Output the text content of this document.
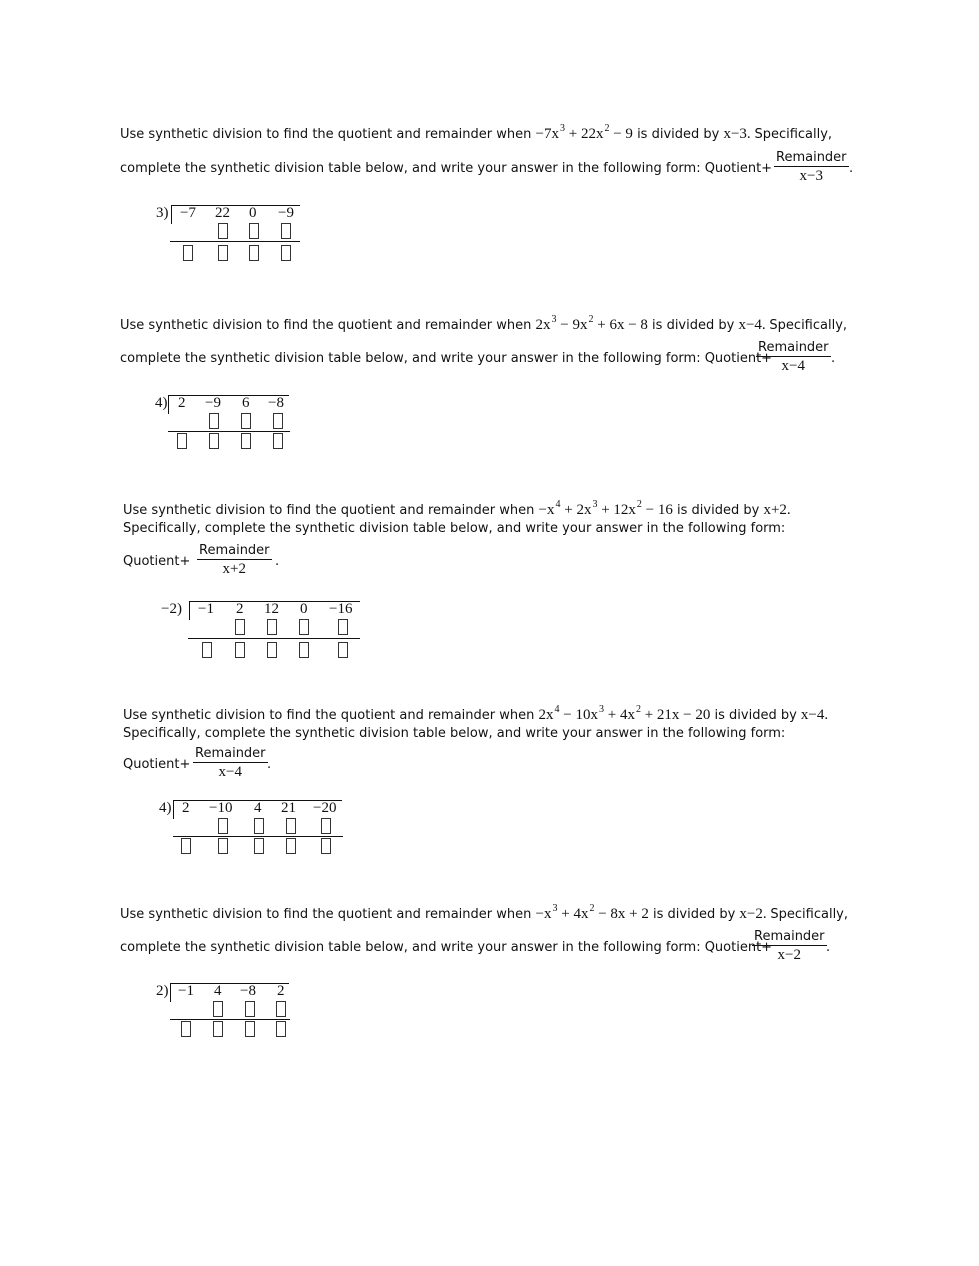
Use synthetic division to find the quotient and remainder when $-7x^3 + 22x^2 - 9$ is divided by x−3. Specifically,
complete the synthetic division table below, and write your answer in the following form: Quotient+
Remainder
x−3	.
3) −7 22 0 −9
Use synthetic division to find the quotient and remainder when $2x^3 - 9x^2 + 6x - 8$ is divided by x−4. Specifically,
complete the synthetic division table below, and write your answer in the following form: Quotient+
Remainder
x−4	.
4) 2 −9 6 −8
Use synthetic division to find the quotient and remainder when $-x^4 + 2x^3 + 12x^2 - 16$ is divided by x+2.
Specifically, complete the synthetic division table below, and write your answer in the following form:
Quotient+
Remainder
x+2	.
−2) −1 2 12 0 −16
Use synthetic division to find the quotient and remainder when $2x^4 - 10x^3 + 4x^2 + 21x - 20$ is divided by x−4.
Specifically, complete the synthetic division table below, and write your answer in the following form:
Quotient+
Remainder
x−4	.
4) 2 −10 4 21 −20
Use synthetic division to find the quotient and remainder when $-x^3 + 4x^2 - 8x + 2$ is divided by x−2. Specifically,
complete the synthetic division table below, and write your answer in the following form: Quotient+
Remainder
x−2	.
2) −1 4 −8 2
